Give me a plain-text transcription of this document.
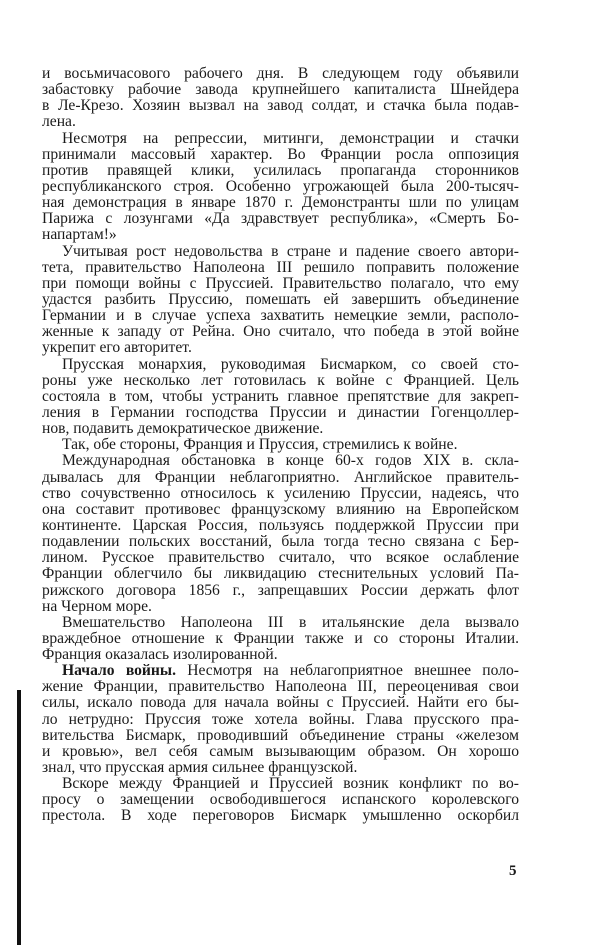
и восьмичасового рабочего дня. В следующем году объявили
забастовку рабочие завода крупнейшего капиталиста Шнейдера
в Ле-Крезо. Хозяин вызвал на завод солдат, и стачка была подав-
лена.
Несмотря на репрессии, митинги, демонстрации и стачки
принимали массовый характер. Во Франции росла оппозиция
против правящей клики, усилилась пропаганда сторонников
республиканского строя. Особенно угрожающей была 200-тысяч-
ная демонстрация в январе 1870 г. Демонстранты шли по улицам
Парижа с лозунгами «Да здравствует республика», «Смерть Бо-
напартам!»
Учитывая рост недовольства в стране и падение своего автори-
тета, правительство Наполеона III решило поправить положение
при помощи войны с Пруссией. Правительство полагало, что ему
удастся разбить Пруссию, помешать ей завершить объединение
Германии и в случае успеха захватить немецкие земли, располо-
женные к западу от Рейна. Оно считало, что победа в этой войне
укрепит его авторитет.
Прусская монархия, руководимая Бисмарком, со своей сто-
роны уже несколько лет готовилась к войне с Францией. Цель
состояла в том, чтобы устранить главное препятствие для закреп-
ления в Германии господства Пруссии и династии Гогенцоллер-
нов, подавить демократическое движение.
Так, обе стороны, Франция и Пруссия, стремились к войне.
Международная обстановка в конце 60-х годов XIX в. скла-
дывалась для Франции неблагоприятно. Английское правитель-
ство сочувственно относилось к усилению Пруссии, надеясь, что
она составит противовес французскому влиянию на Европейском
континенте. Царская Россия, пользуясь поддержкой Пруссии при
подавлении польских восстаний, была тогда тесно связана с Бер-
лином. Русское правительство считало, что всякое ослабление
Франции облегчило бы ликвидацию стеснительных условий Па-
рижского договора 1856 г., запрещавших России держать флот
на Черном море.
Вмешательство Наполеона III в итальянские дела вызвало
враждебное отношение к Франции также и со стороны Италии.
Франция оказалась изолированной.
Начало войны. Несмотря на неблагоприятное внешнее поло-
жение Франции, правительство Наполеона III, переоценивая свои
силы, искало повода для начала войны с Пруссией. Найти его бы-
ло нетрудно: Пруссия тоже хотела войны. Глава прусского пра-
вительства Бисмарк, проводивший объединение страны «железом
и кровью», вел себя самым вызывающим образом. Он хорошо
знал, что прусская армия сильнее французской.
Вскоре между Францией и Пруссией возник конфликт по во-
просу о замещении освободившегося испанского королевского
престола. В ходе переговоров Бисмарк умышленно оскорбил
5
